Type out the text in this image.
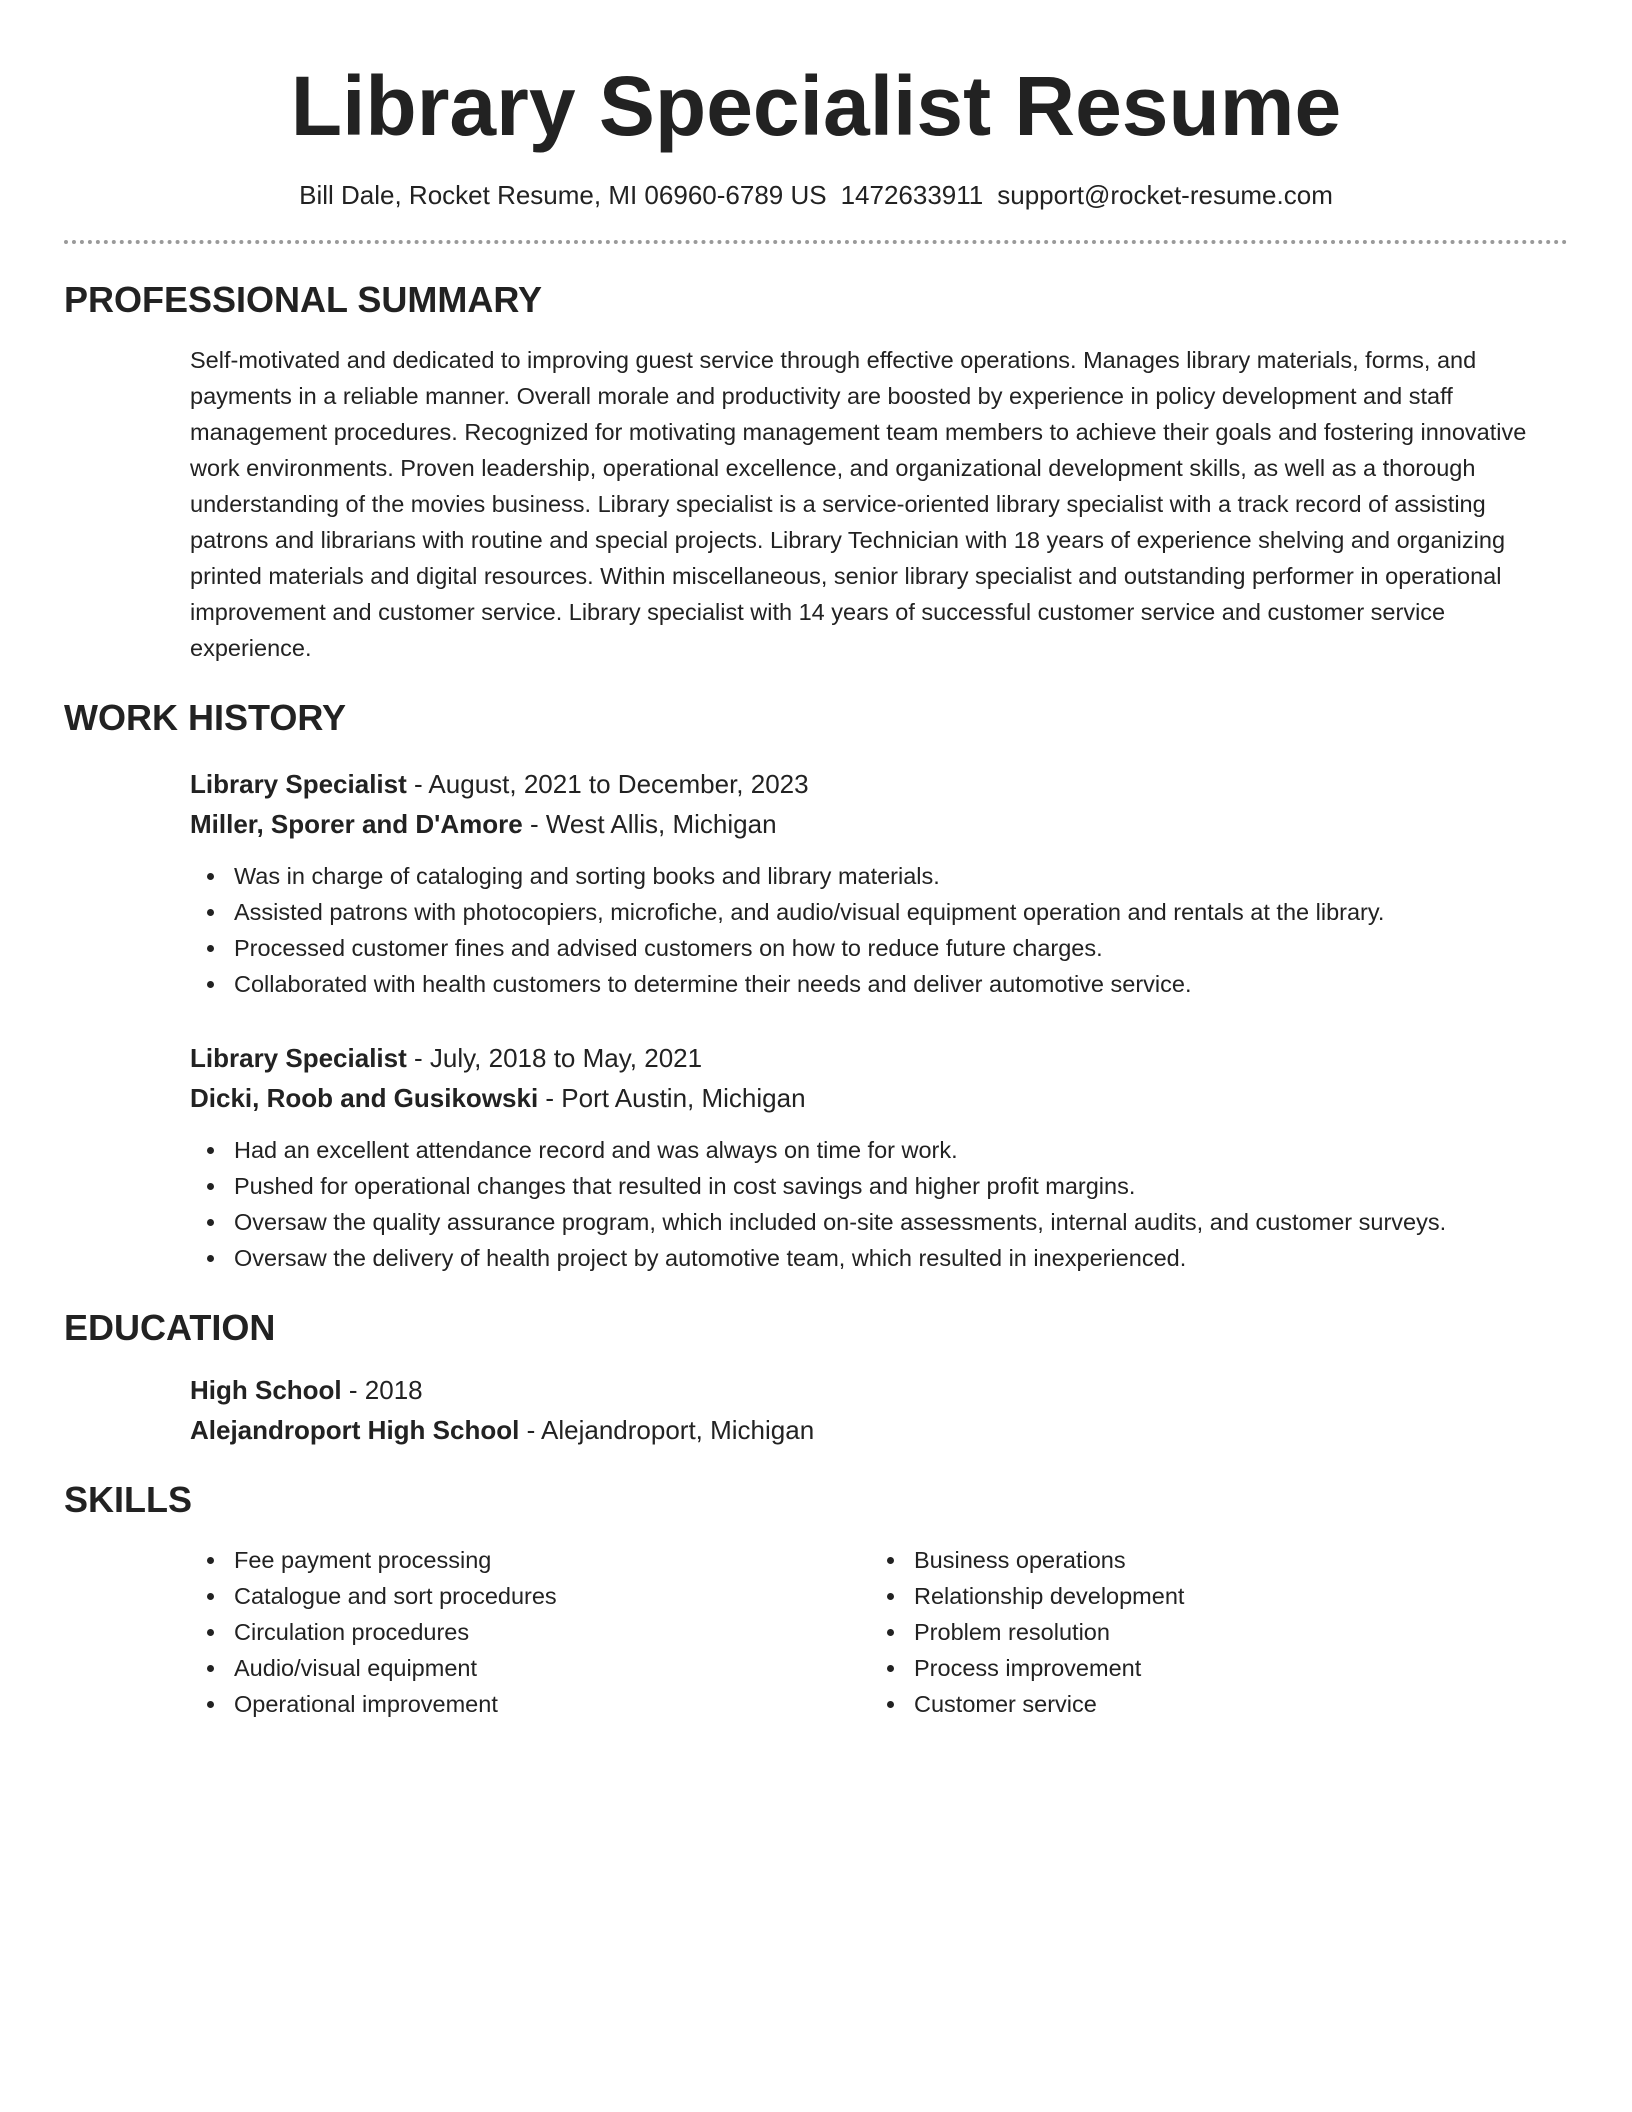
Library Specialist Resume
Bill Dale, Rocket Resume, MI 06960-6789 US 1472633911 support@rocket-resume.com
PROFESSIONAL SUMMARY

Self-motivated and dedicated to improving guest service through effective operations. Manages library materials, forms, and payments in a reliable manner. Overall morale and productivity are boosted by experience in policy development and staff management procedures. Recognized for motivating management team members to achieve their goals and fostering innovative work environments. Proven leadership, operational excellence, and organizational development skills, as well as a thorough understanding of the movies business. Library specialist is a service-oriented library specialist with a track record of assisting patrons and librarians with routine and special projects. Library Technician with 18 years of experience shelving and organizing printed materials and digital resources. Within miscellaneous, senior library specialist and outstanding performer in operational improvement and customer service. Library specialist with 14 years of successful customer service and customer service experience.

WORK HISTORY
Library Specialist - August, 2021 to December, 2023
Miller, Sporer and D'Amore - West Allis, Michigan
Was in charge of cataloging and sorting books and library materials.
Assisted patrons with photocopiers, microfiche, and audio/visual equipment operation and rentals at the library.
Processed customer fines and advised customers on how to reduce future charges.
Collaborated with health customers to determine their needs and deliver automotive service.
Library Specialist - July, 2018 to May, 2021
Dicki, Roob and Gusikowski - Port Austin, Michigan
Had an excellent attendance record and was always on time for work.
Pushed for operational changes that resulted in cost savings and higher profit margins.
Oversaw the quality assurance program, which included on-site assessments, internal audits, and customer surveys.
Oversaw the delivery of health project by automotive team, which resulted in inexperienced.
EDUCATION
High School - 2018
Alejandroport High School - Alejandroport, Michigan
SKILLS
Fee payment processing
Catalogue and sort procedures
Circulation procedures
Audio/visual equipment
Operational improvement
Business operations
Relationship development
Problem resolution
Process improvement
Customer service
